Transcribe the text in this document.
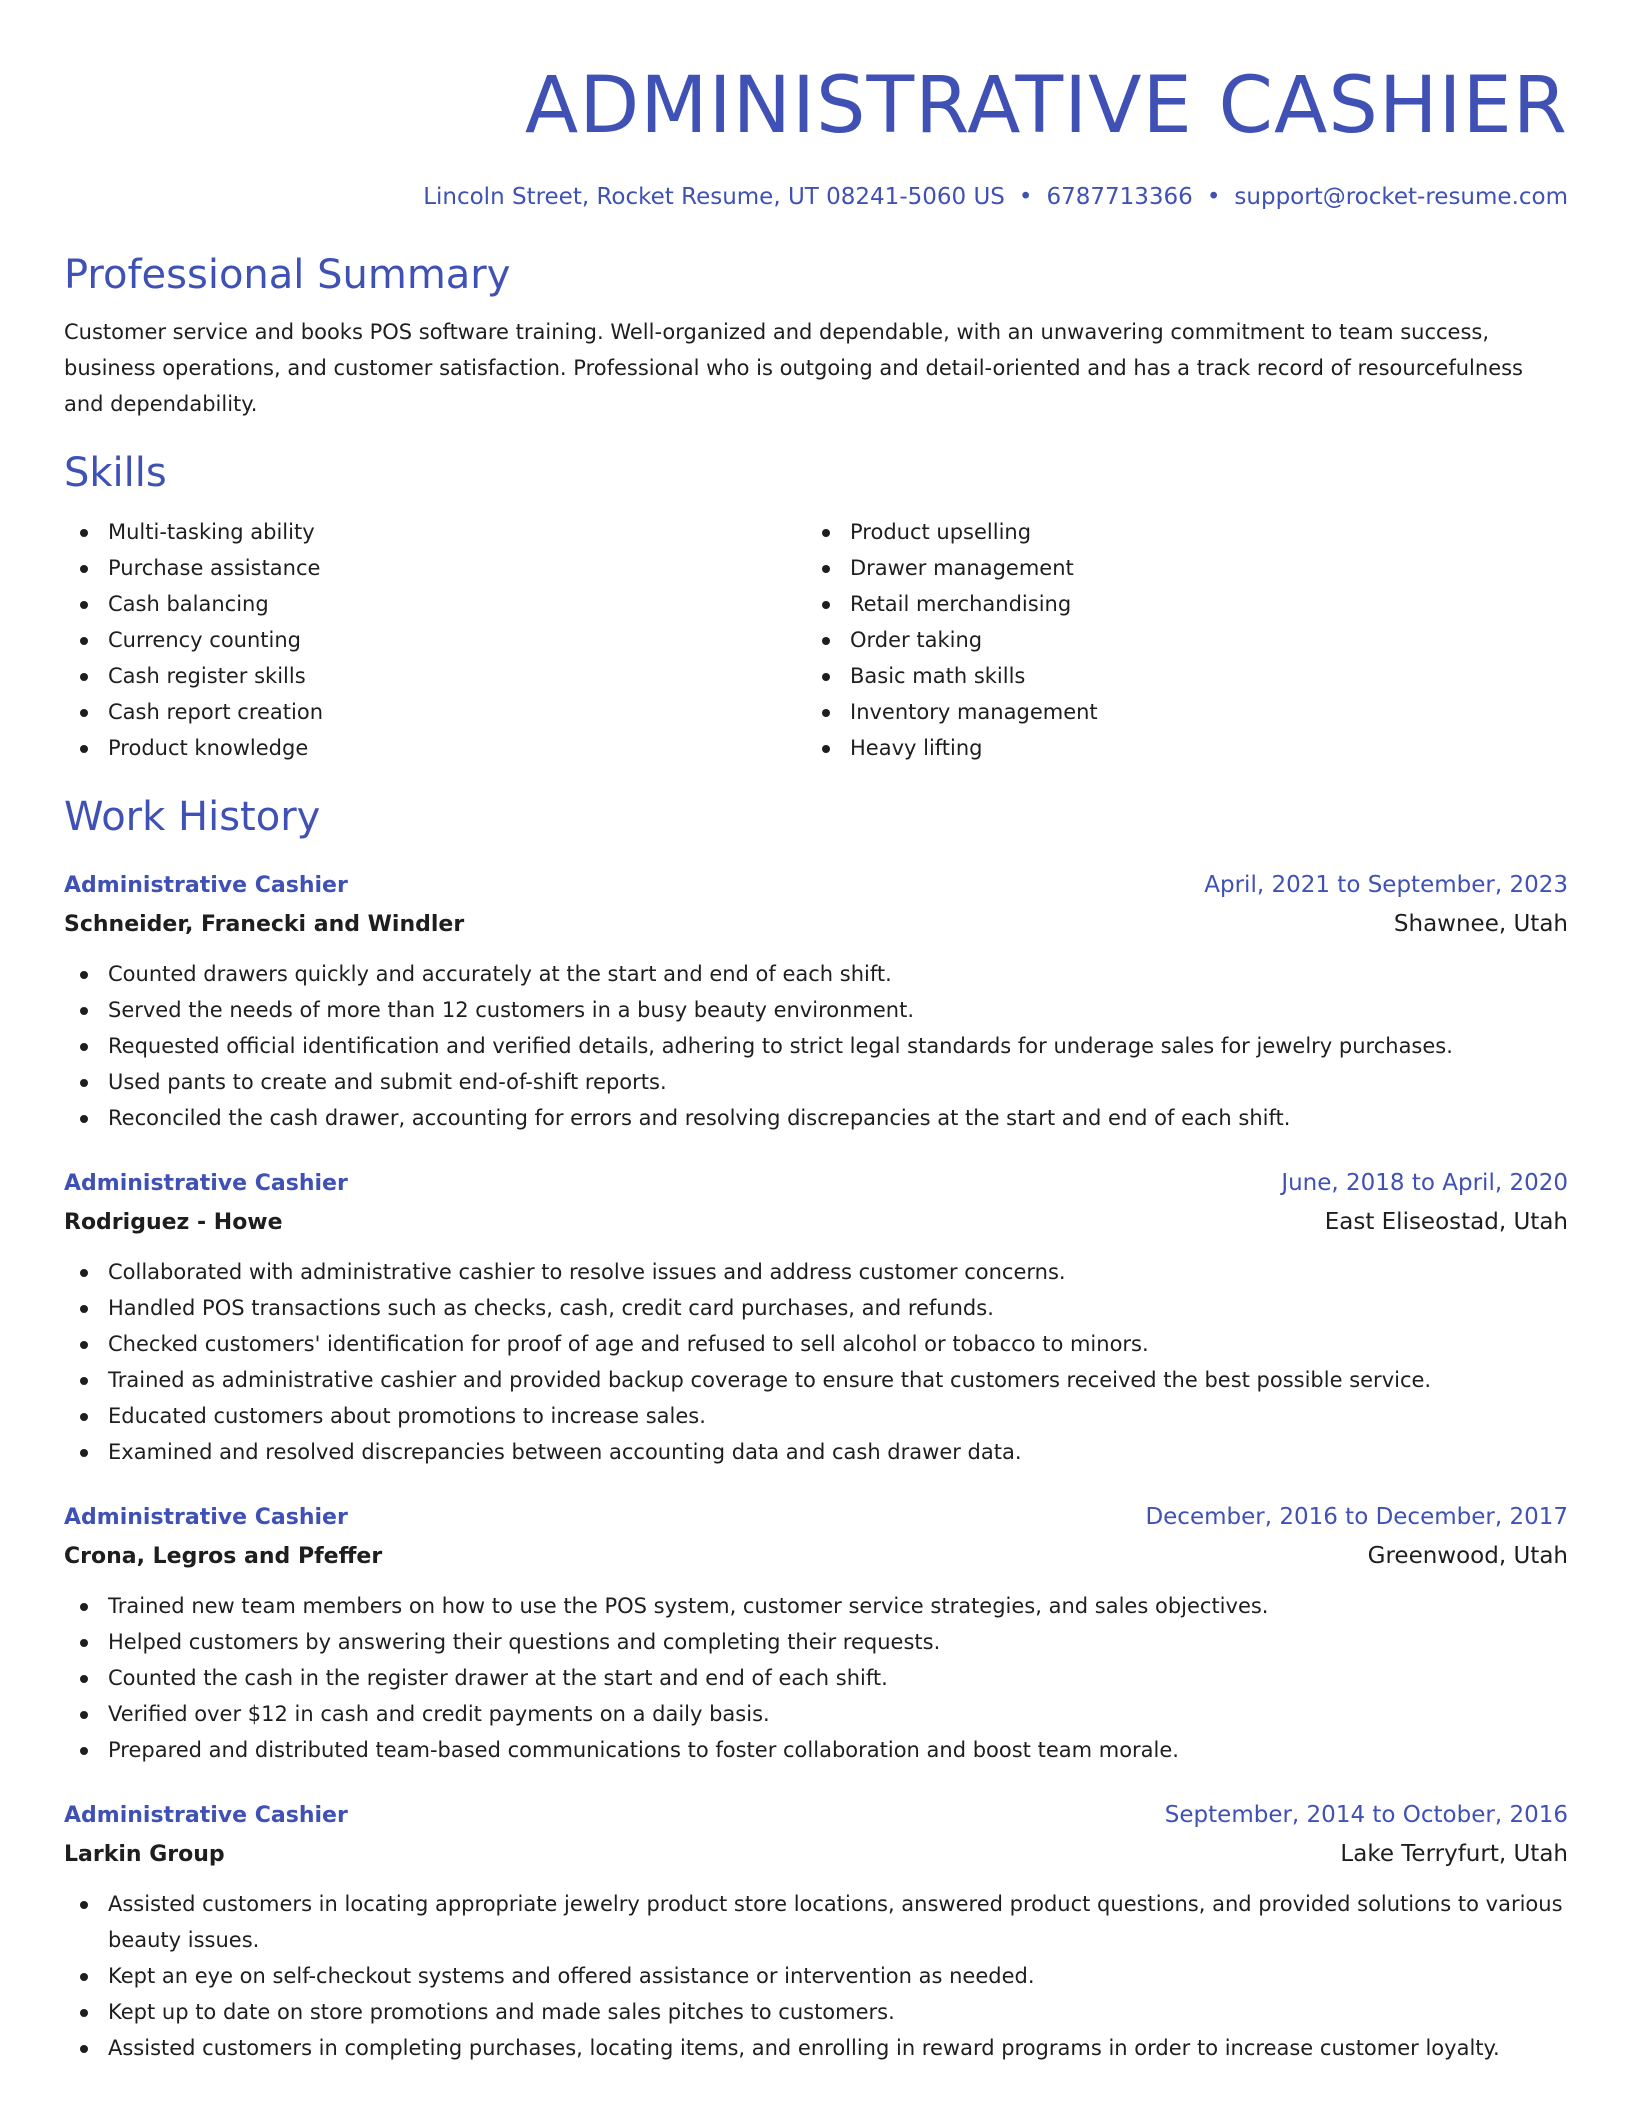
ADMINISTRATIVE CASHIER
Lincoln Street, Rocket Resume, UT 08241-5060 US • 6787713366 • support@rocket-resume.com
Professional Summary
Customer service and books POS software training. Well-organized and dependable, with an unwavering commitment to team success, business operations, and customer satisfaction. Professional who is outgoing and detail-oriented and has a track record of resourcefulness and dependability.
Skills
Multi-tasking ability
Purchase assistance
Cash balancing
Currency counting
Cash register skills
Cash report creation
Product knowledge
Product upselling
Drawer management
Retail merchandising
Order taking
Basic math skills
Inventory management
Heavy lifting
Work History
Administrative Cashier	April, 2021 to September, 2023
Schneider, Franecki and Windler	Shawnee, Utah
Counted drawers quickly and accurately at the start and end of each shift.
Served the needs of more than 12 customers in a busy beauty environment.
Requested official identification and verified details, adhering to strict legal standards for underage sales for jewelry purchases.
Used pants to create and submit end-of-shift reports.
Reconciled the cash drawer, accounting for errors and resolving discrepancies at the start and end of each shift.
Administrative Cashier	June, 2018 to April, 2020
Rodriguez - Howe	East Eliseostad, Utah
Collaborated with administrative cashier to resolve issues and address customer concerns.
Handled POS transactions such as checks, cash, credit card purchases, and refunds.
Checked customers' identification for proof of age and refused to sell alcohol or tobacco to minors.
Trained as administrative cashier and provided backup coverage to ensure that customers received the best possible service.
Educated customers about promotions to increase sales.
Examined and resolved discrepancies between accounting data and cash drawer data.
Administrative Cashier	December, 2016 to December, 2017
Crona, Legros and Pfeffer	Greenwood, Utah
Trained new team members on how to use the POS system, customer service strategies, and sales objectives.
Helped customers by answering their questions and completing their requests.
Counted the cash in the register drawer at the start and end of each shift.
Verified over $12 in cash and credit payments on a daily basis.
Prepared and distributed team-based communications to foster collaboration and boost team morale.
Administrative Cashier	September, 2014 to October, 2016
Larkin Group	Lake Terryfurt, Utah
Assisted customers in locating appropriate jewelry product store locations, answered product questions, and provided solutions to various beauty issues.
Kept an eye on self-checkout systems and offered assistance or intervention as needed.
Kept up to date on store promotions and made sales pitches to customers.
Assisted customers in completing purchases, locating items, and enrolling in reward programs in order to increase customer loyalty.
